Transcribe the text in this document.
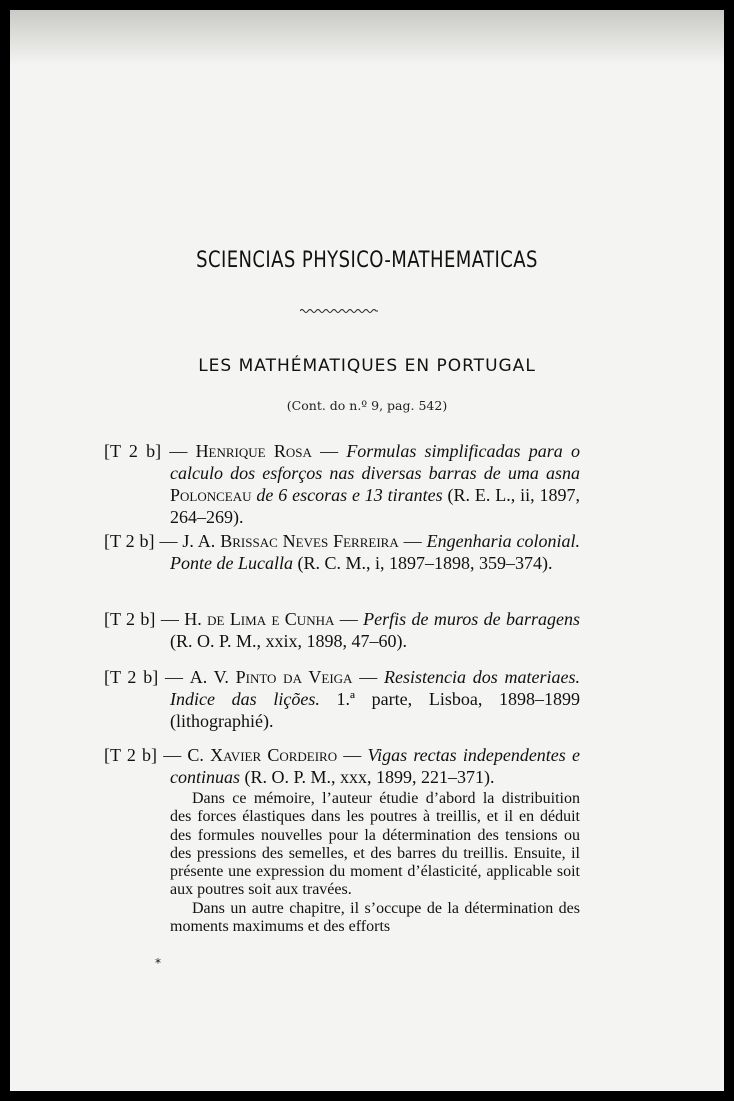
SCIENCIAS PHYSICO-MATHEMATICAS
LES MATHÉMATIQUES EN PORTUGAL

(Cont. do n.º 9, pag. 542)

[T 2 b] — Henrique Rosa — Formulas simplificadas para o calculo dos esforços nas diversas barras de uma asna Polonceau de 6 escoras e 13 tirantes (R. E. L., ii, 1897, 264–269).

[T 2 b] — J. A. Brissac Neves Ferreira — Engenharia colonial. Ponte de Lucalla (R. C. M., i, 1897–1898, 359–374).

[T 2 b] — H. de Lima e Cunha — Perfis de muros de barragens (R. O. P. M., xxix, 1898, 47–60).

[T 2 b] — A. V. Pinto da Veiga — Resistencia dos materiaes. Indice das lições. 1.ª parte, Lisboa, 1898–1899 (lithographié).

[T 2 b] — C. Xavier Cordeiro — Vigas rectas independentes e continuas (R. O. P. M., xxx, 1899, 221–371).

Dans ce mémoire, l’auteur étudie d’abord la distribuition des forces élastiques dans les poutres à treillis, et il en déduit des formules nouvelles pour la détermination des tensions ou des pressions des semelles, et des barres du treillis. Ensuite, il présente une expression du moment d’élasticité, applicable soit aux poutres soit aux travées.

Dans un autre chapitre, il s’occupe de la détermination des moments maximums et des efforts

*
